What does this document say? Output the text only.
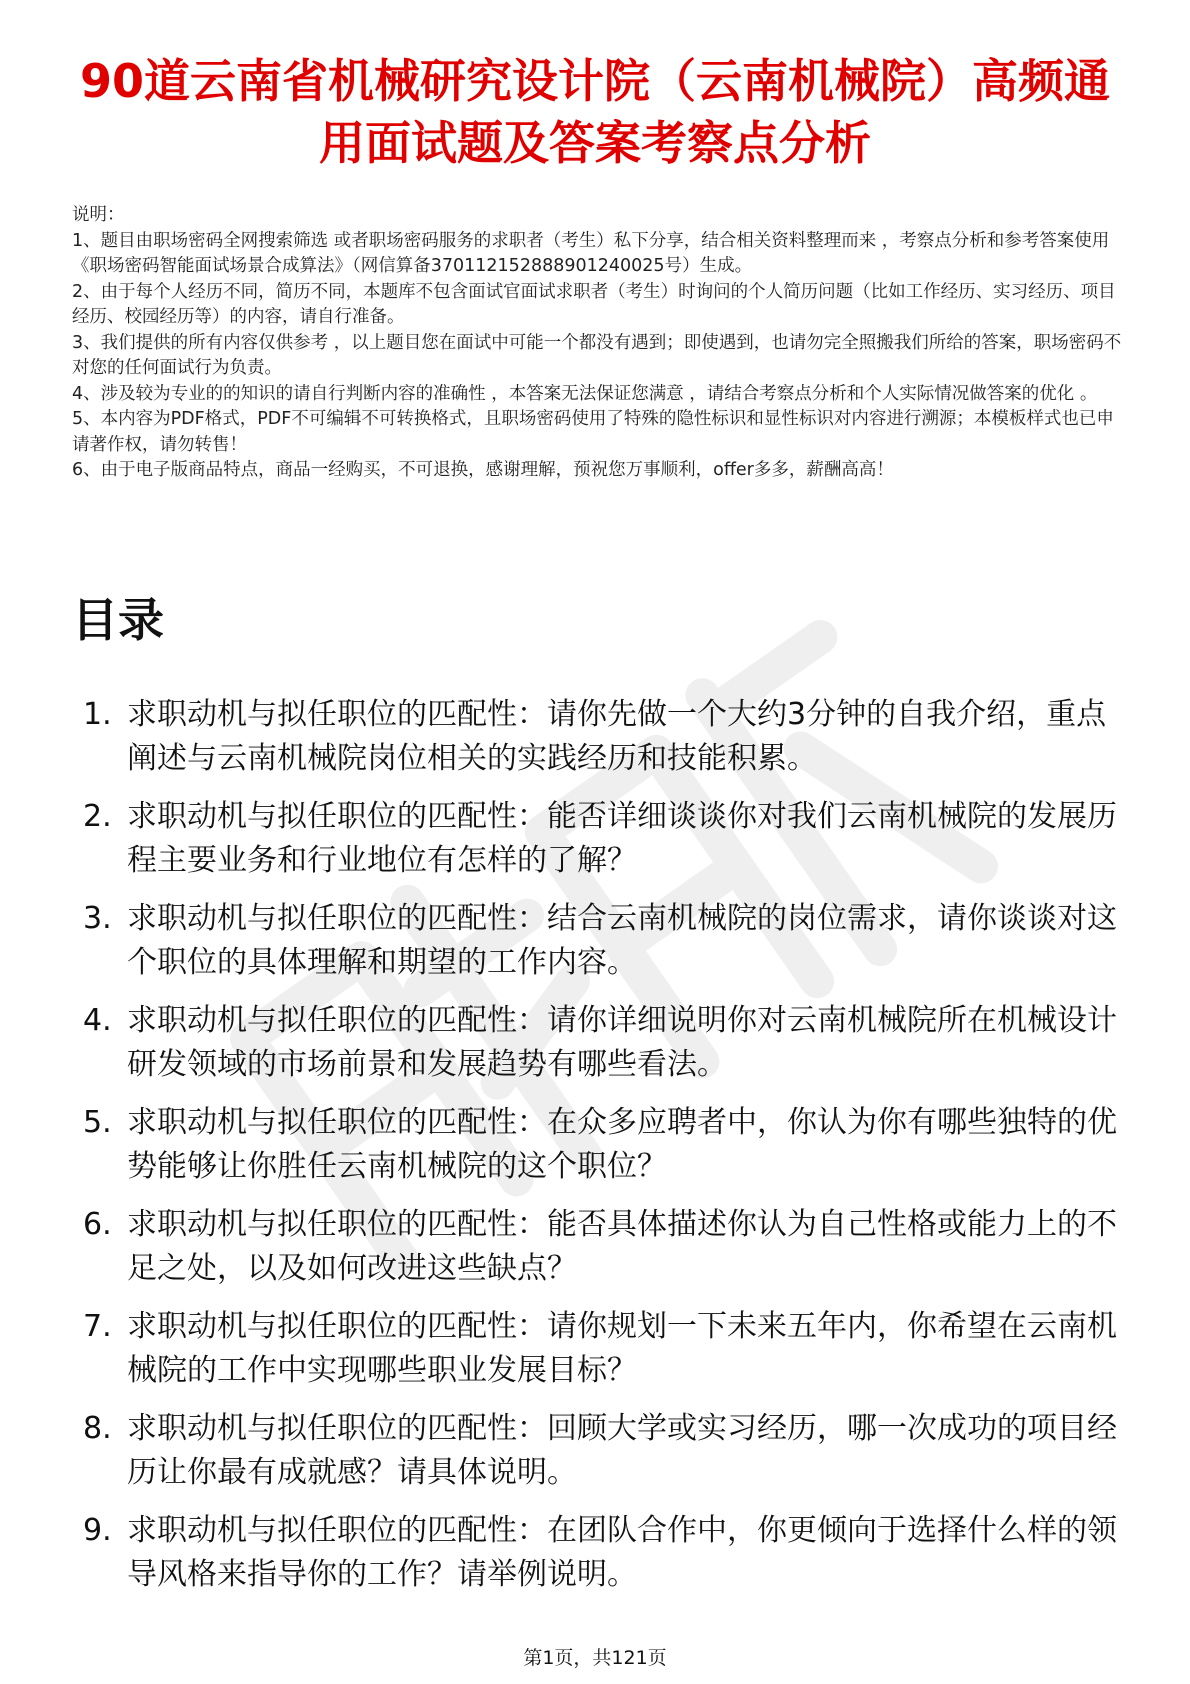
90道云南省机械研究设计院（云南机械院）高频通用面试题及答案考察点分析

说明：

1、题目由职场密码全网搜索筛选 或者职场密码服务的求职者（考生）私下分享，结合相关资料整理而来 ，考察点分析和参考答案使用《职场密码智能面试场景合成算法》（网信算备370112152888901240025号）生成。

2、由于每个人经历不同，简历不同，本题库不包含面试官面试求职者（考生）时询问的个人简历问题（比如工作经历、实习经历、项目经历、校园经历等）的内容，请自行准备。

3、我们提供的所有内容仅供参考 ，以上题目您在面试中可能一个都没有遇到；即使遇到，也请勿完全照搬我们所给的答案，职场密码不对您的任何面试行为负责。

4、涉及较为专业的的知识的请自行判断内容的准确性 ，本答案无法保证您满意 ，请结合考察点分析和个人实际情况做答案的优化 。

5、本内容为PDF格式，PDF不可编辑不可转换格式，且职场密码使用了特殊的隐性标识和显性标识对内容进行溯源；本模板样式也已申请著作权，请勿转售！

6、由于电子版商品特点，商品一经购买，不可退换，感谢理解，预祝您万事顺利，offer多多，薪酬高高！

目录
1. 求职动机与拟任职位的匹配性：请你先做一个大约3分钟的自我介绍，重点阐述与云南机械院岗位相关的实践经历和技能积累。
2. 求职动机与拟任职位的匹配性：能否详细谈谈你对我们云南机械院的发展历程主要业务和行业地位有怎样的了解？
3. 求职动机与拟任职位的匹配性：结合云南机械院的岗位需求，请你谈谈对这个职位的具体理解和期望的工作内容。
4. 求职动机与拟任职位的匹配性：请你详细说明你对云南机械院所在机械设计研发领域的市场前景和发展趋势有哪些看法。
5. 求职动机与拟任职位的匹配性：在众多应聘者中，你认为你有哪些独特的优势能够让你胜任云南机械院的这个职位？
6. 求职动机与拟任职位的匹配性：能否具体描述你认为自己性格或能力上的不足之处，以及如何改进这些缺点？
7. 求职动机与拟任职位的匹配性：请你规划一下未来五年内，你希望在云南机械院的工作中实现哪些职业发展目标？
8. 求职动机与拟任职位的匹配性：回顾大学或实习经历，哪一次成功的项目经历让你最有成就感？请具体说明。
9. 求职动机与拟任职位的匹配性：在团队合作中，你更倾向于选择什么样的领导风格来指导你的工作？请举例说明。
第1页，共121页
